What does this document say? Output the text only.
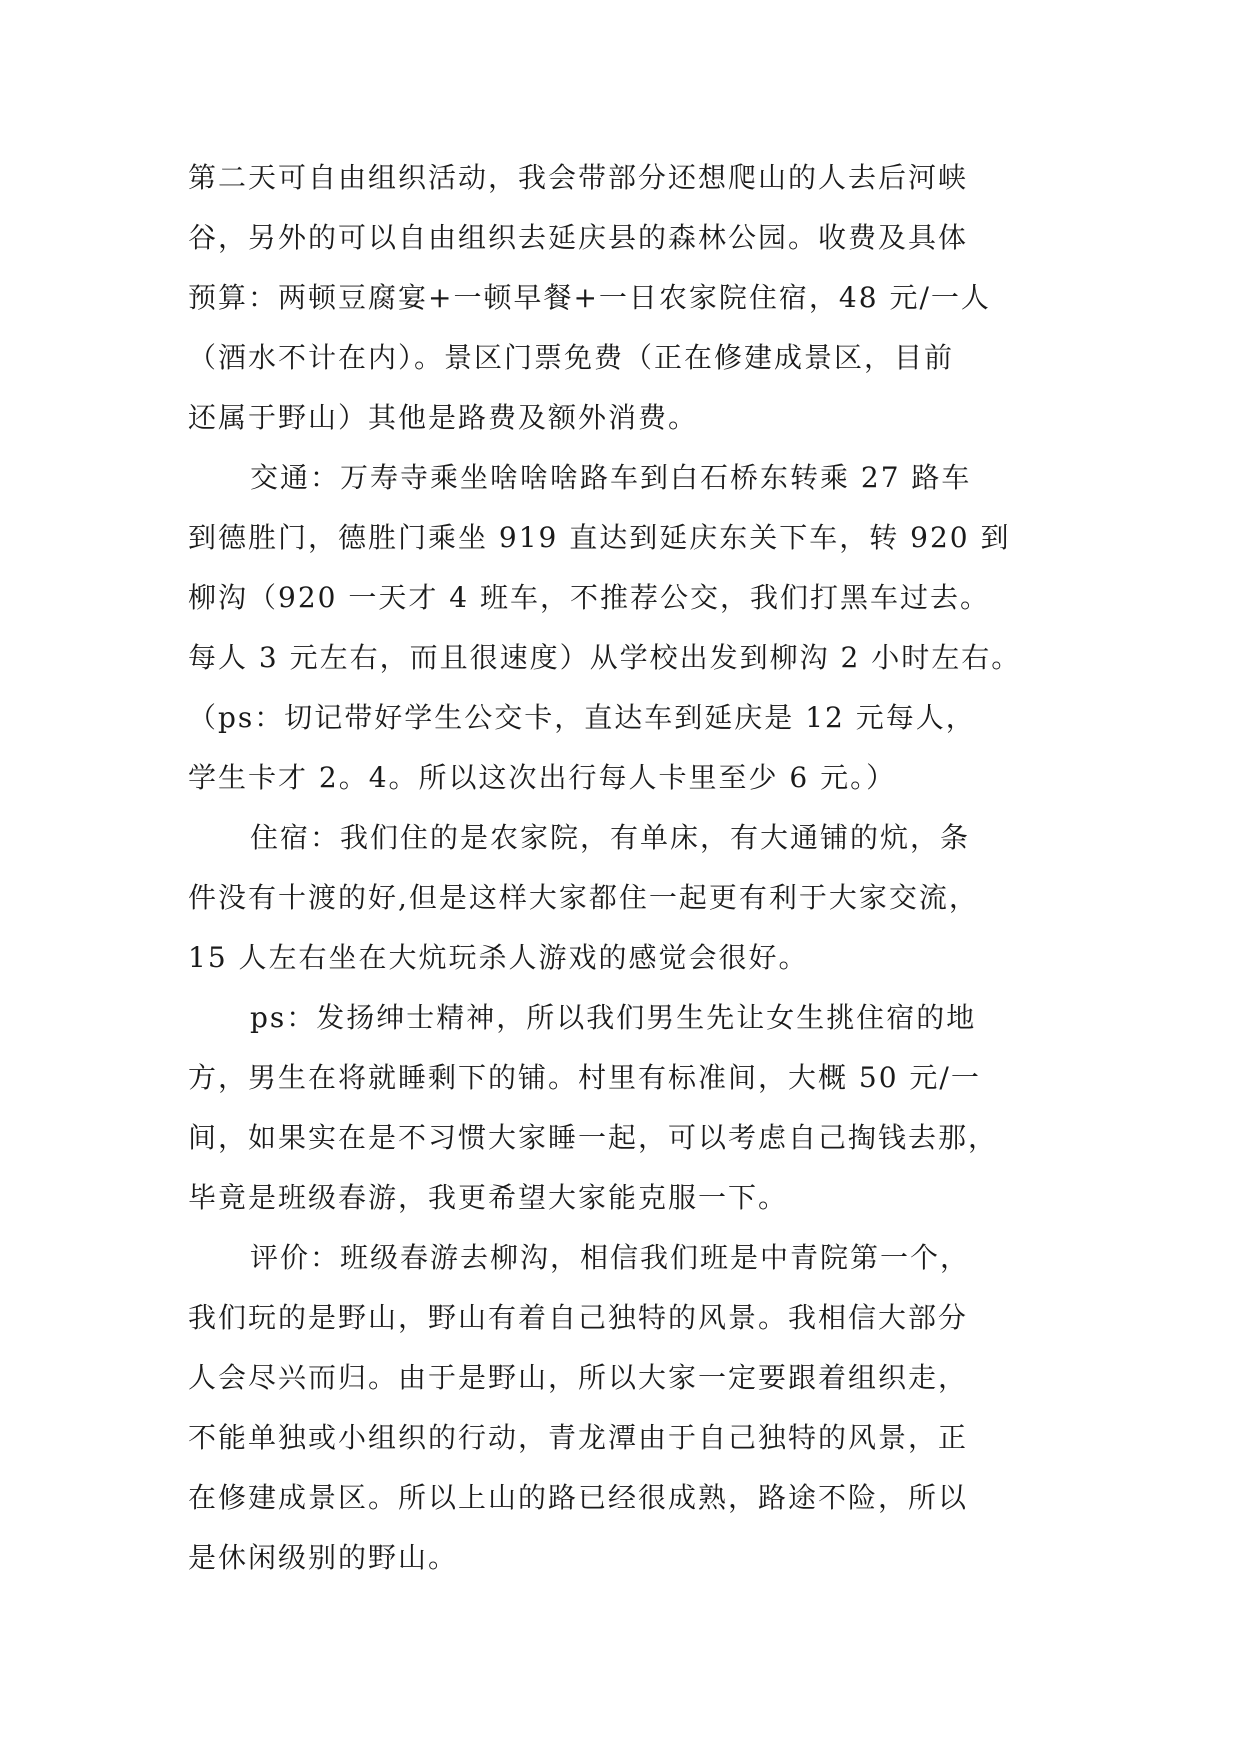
第二天可自由组织活动，我会带部分还想爬山的人去后河峡
谷，另外的可以自由组织去延庆县的森林公园。收费及具体
预算：两顿豆腐宴+一顿早餐+一日农家院住宿，48 元/一人
（酒水不计在内）。景区门票免费（正在修建成景区，目前
还属于野山）其他是路费及额外消费。
交通：万寿寺乘坐啥啥啥路车到白石桥东转乘 27 路车
到德胜门，德胜门乘坐 919 直达到延庆东关下车，转 920 到
柳沟（920 一天才 4 班车，不推荐公交，我们打黑车过去。
每人 3 元左右，而且很速度）从学校出发到柳沟 2 小时左右。
（ps：切记带好学生公交卡，直达车到延庆是 12 元每人，
学生卡才 2。4。所以这次出行每人卡里至少 6 元。）
住宿：我们住的是农家院，有单床，有大通铺的炕，条
件没有十渡的好,但是这样大家都住一起更有利于大家交流，
15 人左右坐在大炕玩杀人游戏的感觉会很好。
ps：发扬绅士精神，所以我们男生先让女生挑住宿的地
方，男生在将就睡剩下的铺。村里有标准间，大概 50 元/一
间，如果实在是不习惯大家睡一起，可以考虑自己掏钱去那，
毕竟是班级春游，我更希望大家能克服一下。
评价：班级春游去柳沟，相信我们班是中青院第一个，
我们玩的是野山，野山有着自己独特的风景。我相信大部分
人会尽兴而归。由于是野山，所以大家一定要跟着组织走，
不能单独或小组织的行动，青龙潭由于自己独特的风景，正
在修建成景区。所以上山的路已经很成熟，路途不险，所以
是休闲级别的野山。
